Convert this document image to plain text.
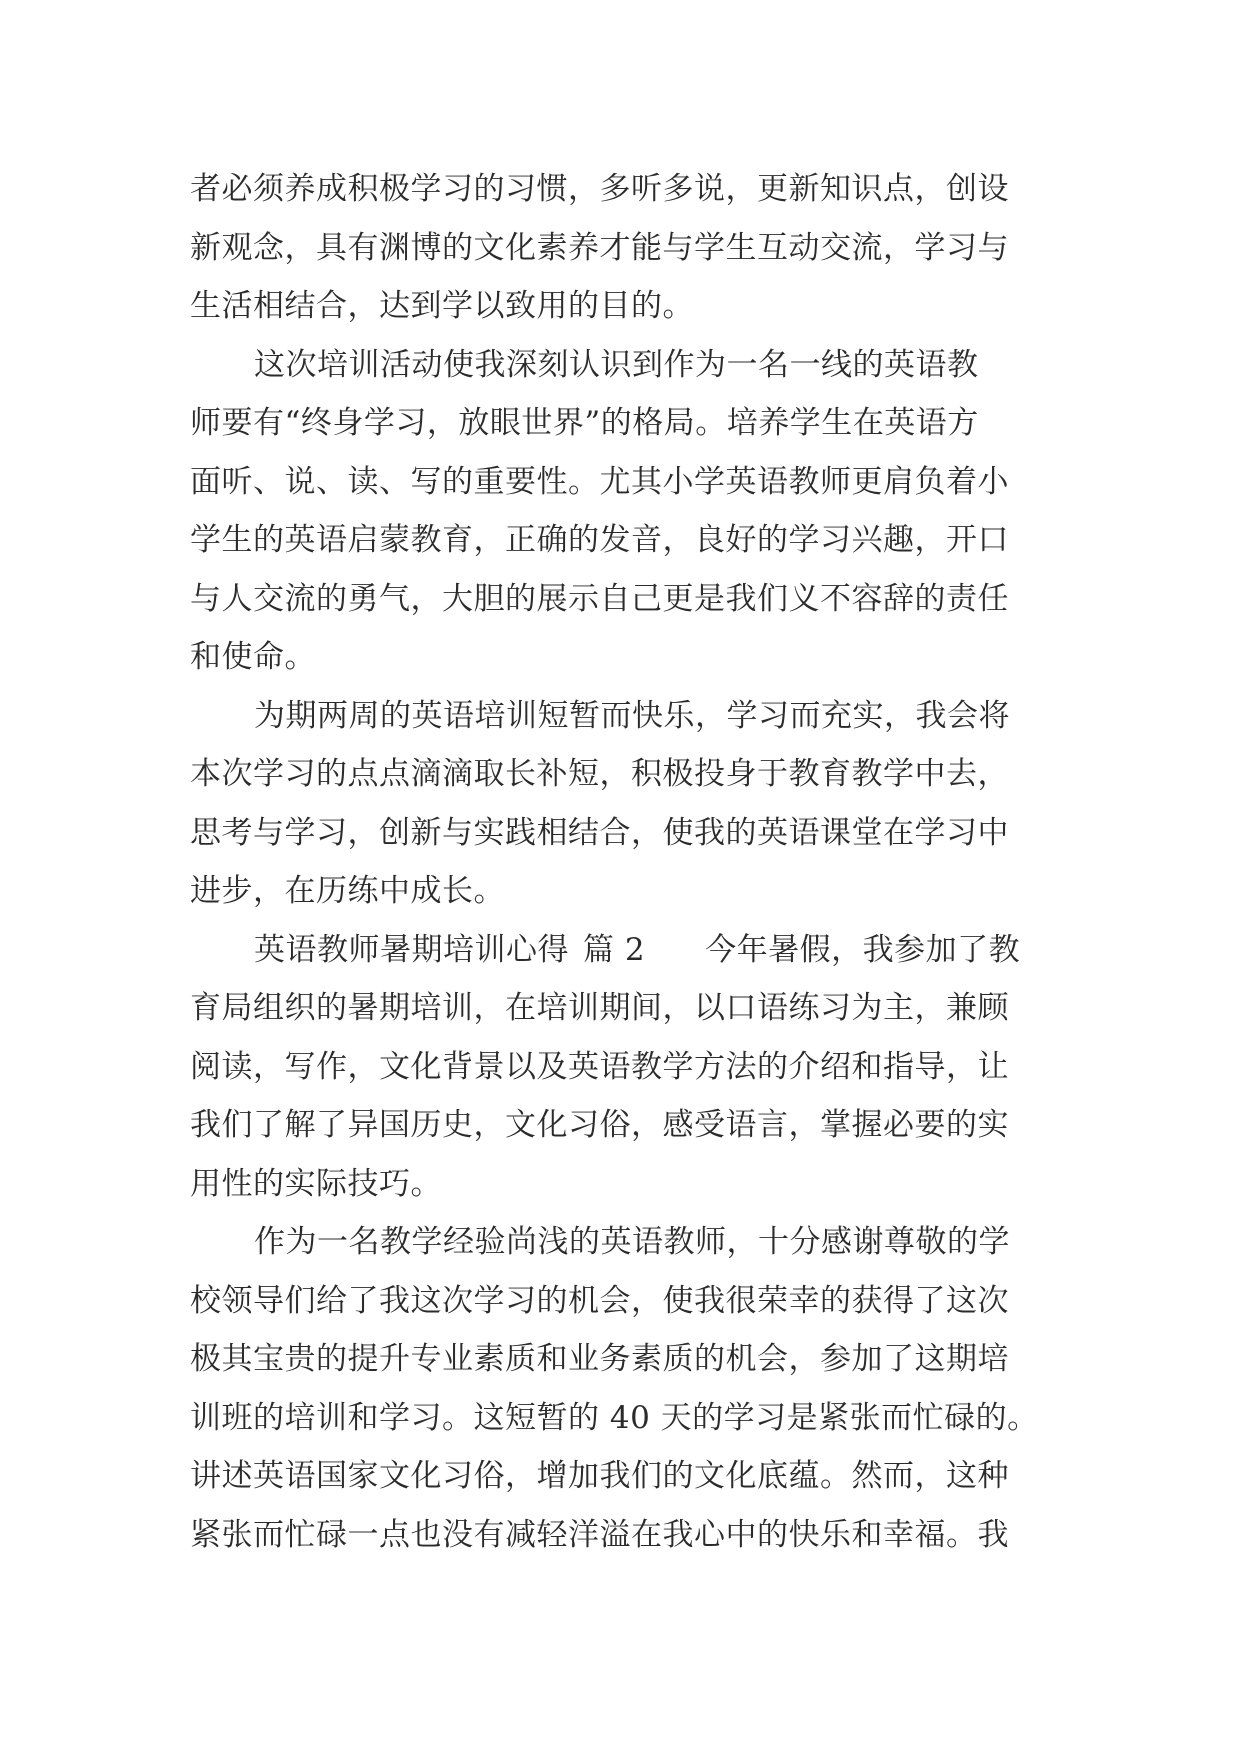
者必须养成积极学习的习惯，多听多说，更新知识点，创设
新观念，具有渊博的文化素养才能与学生互动交流，学习与
生活相结合，达到学以致用的目的。
这次培训活动使我深刻认识到作为一名一线的英语教
师要有“终身学习，放眼世界”的格局。培养学生在英语方
面听、说、读、写的重要性。尤其小学英语教师更肩负着小
学生的英语启蒙教育，正确的发音，良好的学习兴趣，开口
与人交流的勇气，大胆的展示自己更是我们义不容辞的责任
和使命。
为期两周的英语培训短暂而快乐，学习而充实，我会将
本次学习的点点滴滴取长补短，积极投身于教育教学中去，
思考与学习，创新与实践相结合，使我的英语课堂在学习中
进步，在历练中成长。
英语教师暑期培训心得 篇 2 今年暑假，我参加了教
育局组织的暑期培训，在培训期间，以口语练习为主，兼顾
阅读，写作，文化背景以及英语教学方法的介绍和指导，让
我们了解了异国历史，文化习俗，感受语言，掌握必要的实
用性的实际技巧。
作为一名教学经验尚浅的英语教师，十分感谢尊敬的学
校领导们给了我这次学习的机会，使我很荣幸的获得了这次
极其宝贵的提升专业素质和业务素质的机会，参加了这期培
训班的培训和学习。这短暂的 40 天的学习是紧张而忙碌的。
讲述英语国家文化习俗，增加我们的文化底蕴。然而，这种
紧张而忙碌一点也没有减轻洋溢在我心中的快乐和幸福。我
